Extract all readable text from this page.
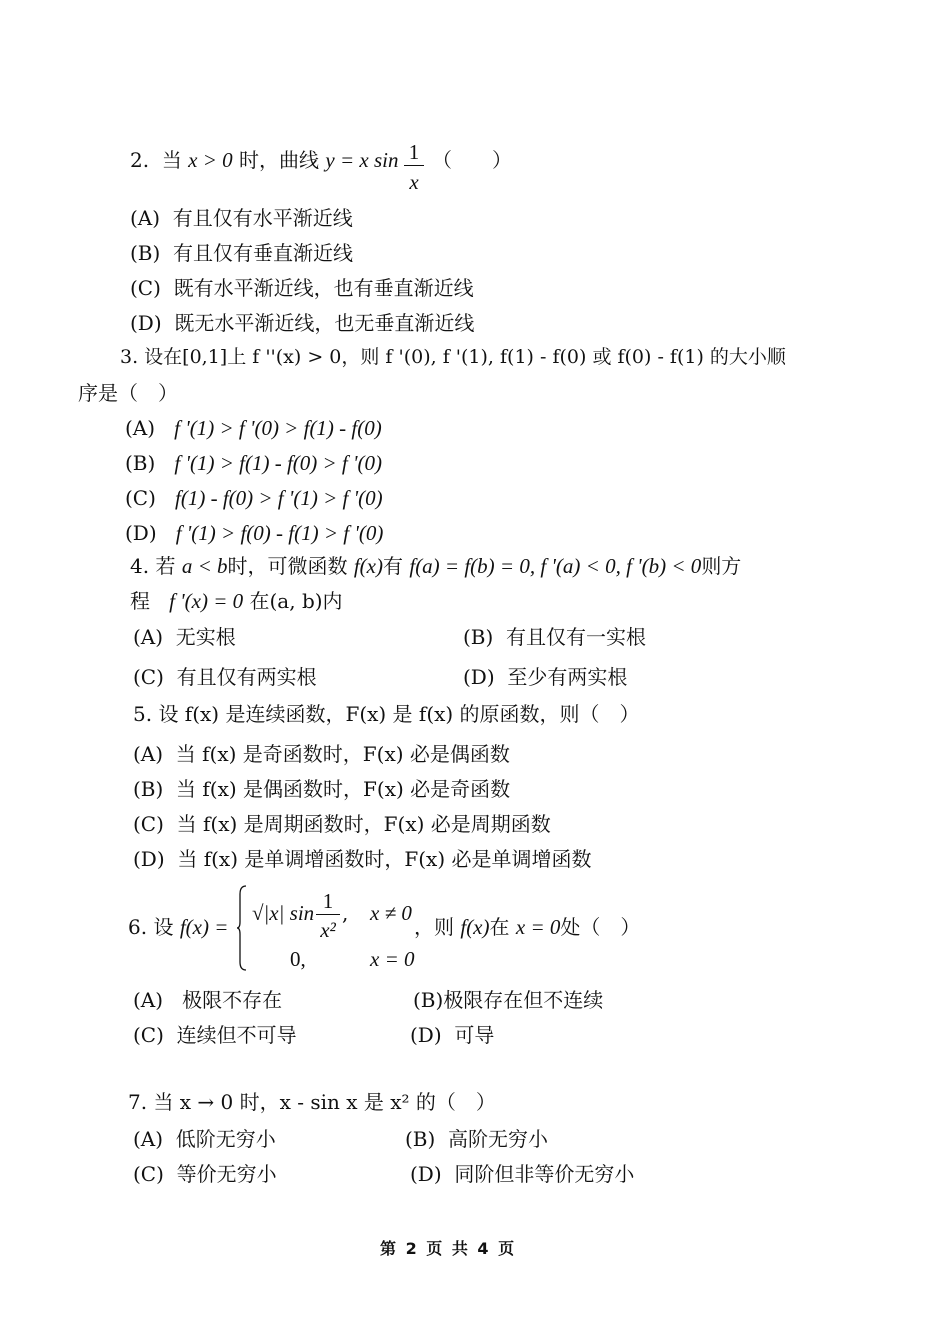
2. 当 x > 0 时，曲线 y = x sin 1
x
（　　）
(A) 有且仅有水平渐近线
(B) 有且仅有垂直渐近线
(C) 既有水平渐近线，也有垂直渐近线
(D) 既无水平渐近线，也无垂直渐近线
3. 设在[0,1]上 f ''(x) > 0，则 f '(0), f '(1), f(1) - f(0) 或 f(0) - f(1) 的大小顺
序是（　）
(A) f '(1) > f '(0) > f(1) - f(0)
(B) f '(1) > f(1) - f(0) > f '(0)
(C) f(1) - f(0) > f '(1) > f '(0)
(D) f '(1) > f(0) - f(1) > f '(0)
4. 若 a < b时，可微函数 f(x)有 f(a) = f(b) = 0, f '(a) < 0, f '(b) < 0则方
程 f '(x) = 0 在(a, b)内
(A) 无实根	(B) 有且仅有一实根
(C) 有且仅有两实根	(D) 至少有两实根
5. 设 f(x) 是连续函数，F(x) 是 f(x) 的原函数，则（　）
(A) 当 f(x) 是奇函数时，F(x) 必是偶函数
(B) 当 f(x) 是偶函数时，F(x) 必是奇函数
(C) 当 f(x) 是周期函数时，F(x) 必是周期函数
(D) 当 f(x) 是单调增函数时，F(x) 必是单调增函数
6. 设 f(x) =
√|x| sin 1
x²
, x ≠ 0
0,	x = 0
，则 f(x)在 x = 0处（　）
(A) 极限不存在	(B)极限存在但不连续
(C) 连续但不可导	(D) 可导
7. 当 x → 0 时，x - sin x 是 x² 的（　）
(A) 低阶无穷小	(B) 高阶无穷小
(C) 等价无穷小	(D) 同阶但非等价无穷小
第 2 页 共 4 页
